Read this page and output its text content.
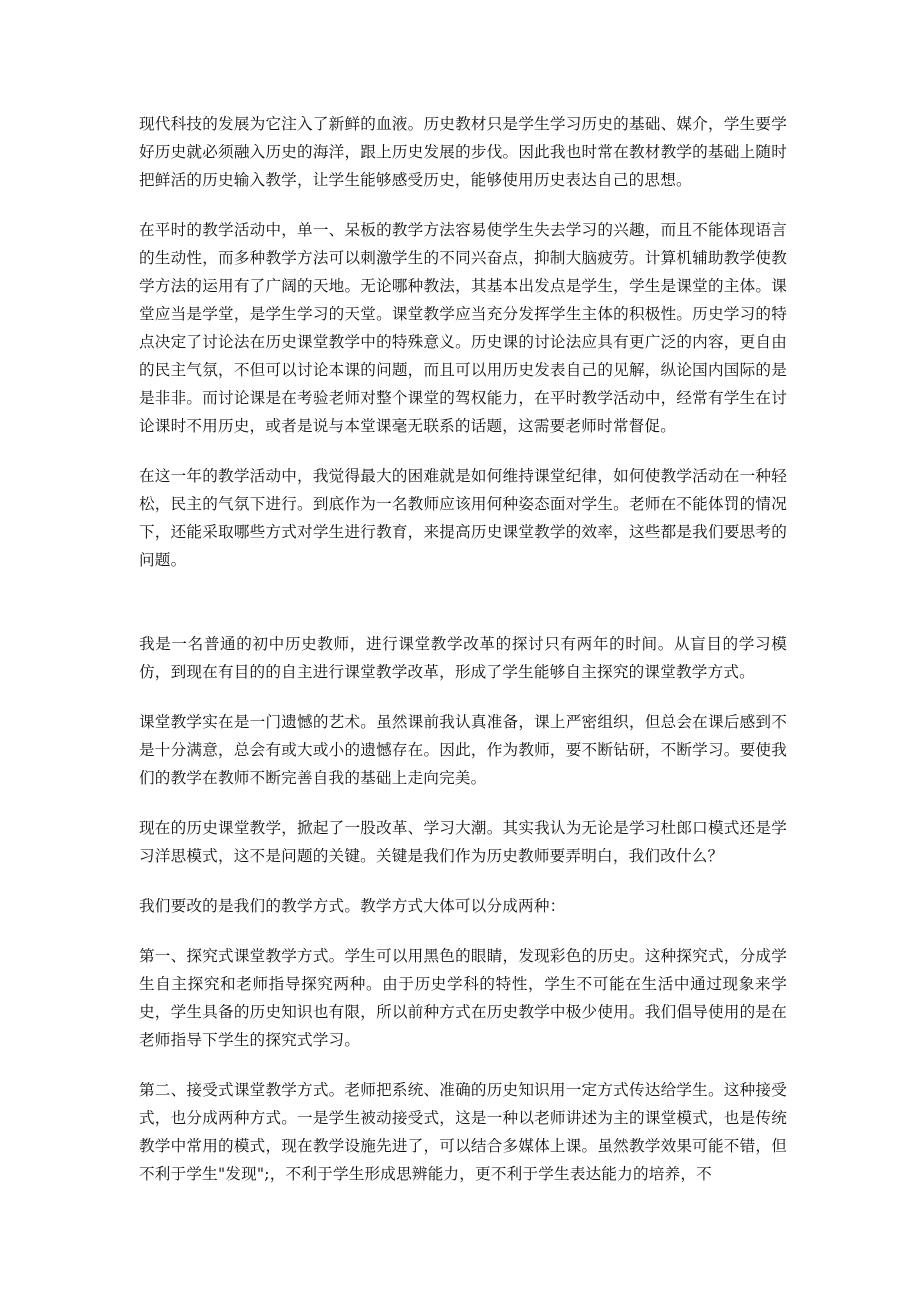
现代科技的发展为它注入了新鲜的血液。历史教材只是学生学习历史的基础、媒介，学生要学好历史就必须融入历史的海洋，跟上历史发展的步伐。因此我也时常在教材教学的基础上随时把鲜活的历史输入教学，让学生能够感受历史，能够使用历史表达自己的思想。

在平时的教学活动中，单一、呆板的教学方法容易使学生失去学习的兴趣，而且不能体现语言的生动性，而多种教学方法可以刺激学生的不同兴奋点，抑制大脑疲劳。计算机辅助教学使教学方法的运用有了广阔的天地。无论哪种教法，其基本出发点是学生，学生是课堂的主体。课堂应当是学堂，是学生学习的天堂。课堂教学应当充分发挥学生主体的积极性。历史学习的特点决定了讨论法在历史课堂教学中的特殊意义。历史课的讨论法应具有更广泛的内容，更自由的民主气氛，不但可以讨论本课的问题，而且可以用历史发表自己的见解，纵论国内国际的是是非非。而讨论课是在考验老师对整个课堂的驾权能力，在平时教学活动中，经常有学生在讨论课时不用历史，或者是说与本堂课毫无联系的话题，这需要老师时常督促。

在这一年的教学活动中，我觉得最大的困难就是如何维持课堂纪律，如何使教学活动在一种轻松，民主的气氛下进行。到底作为一名教师应该用何种姿态面对学生。老师在不能体罚的情况下，还能采取哪些方式对学生进行教育，来提高历史课堂教学的效率，这些都是我们要思考的问题。

我是一名普通的初中历史教师，进行课堂教学改革的探讨只有两年的时间。从盲目的学习模仿，到现在有目的的自主进行课堂教学改革，形成了学生能够自主探究的课堂教学方式。

课堂教学实在是一门遗憾的艺术。虽然课前我认真准备，课上严密组织，但总会在课后感到不是十分满意，总会有或大或小的遗憾存在。因此，作为教师，要不断钻研，不断学习。要使我们的教学在教师不断完善自我的基础上走向完美。

现在的历史课堂教学，掀起了一股改革、学习大潮。其实我认为无论是学习杜郎口模式还是学习洋思模式，这不是问题的关键。关键是我们作为历史教师要弄明白，我们改什么？

我们要改的是我们的教学方式。教学方式大体可以分成两种：

第一、探究式课堂教学方式。学生可以用黑色的眼睛，发现彩色的历史。这种探究式，分成学生自主探究和老师指导探究两种。由于历史学科的特性，学生不可能在生活中通过现象来学史，学生具备的历史知识也有限，所以前种方式在历史教学中极少使用。我们倡导使用的是在老师指导下学生的探究式学习。

第二、接受式课堂教学方式。老师把系统、准确的历史知识用一定方式传达给学生。这种接受式，也分成两种方式。一是学生被动接受式，这是一种以老师讲述为主的课堂模式，也是传统教学中常用的模式，现在教学设施先进了，可以结合多媒体上课。虽然教学效果可能不错，但不利于学生"发现";，不利于学生形成思辨能力，更不利于学生表达能力的培养，不
